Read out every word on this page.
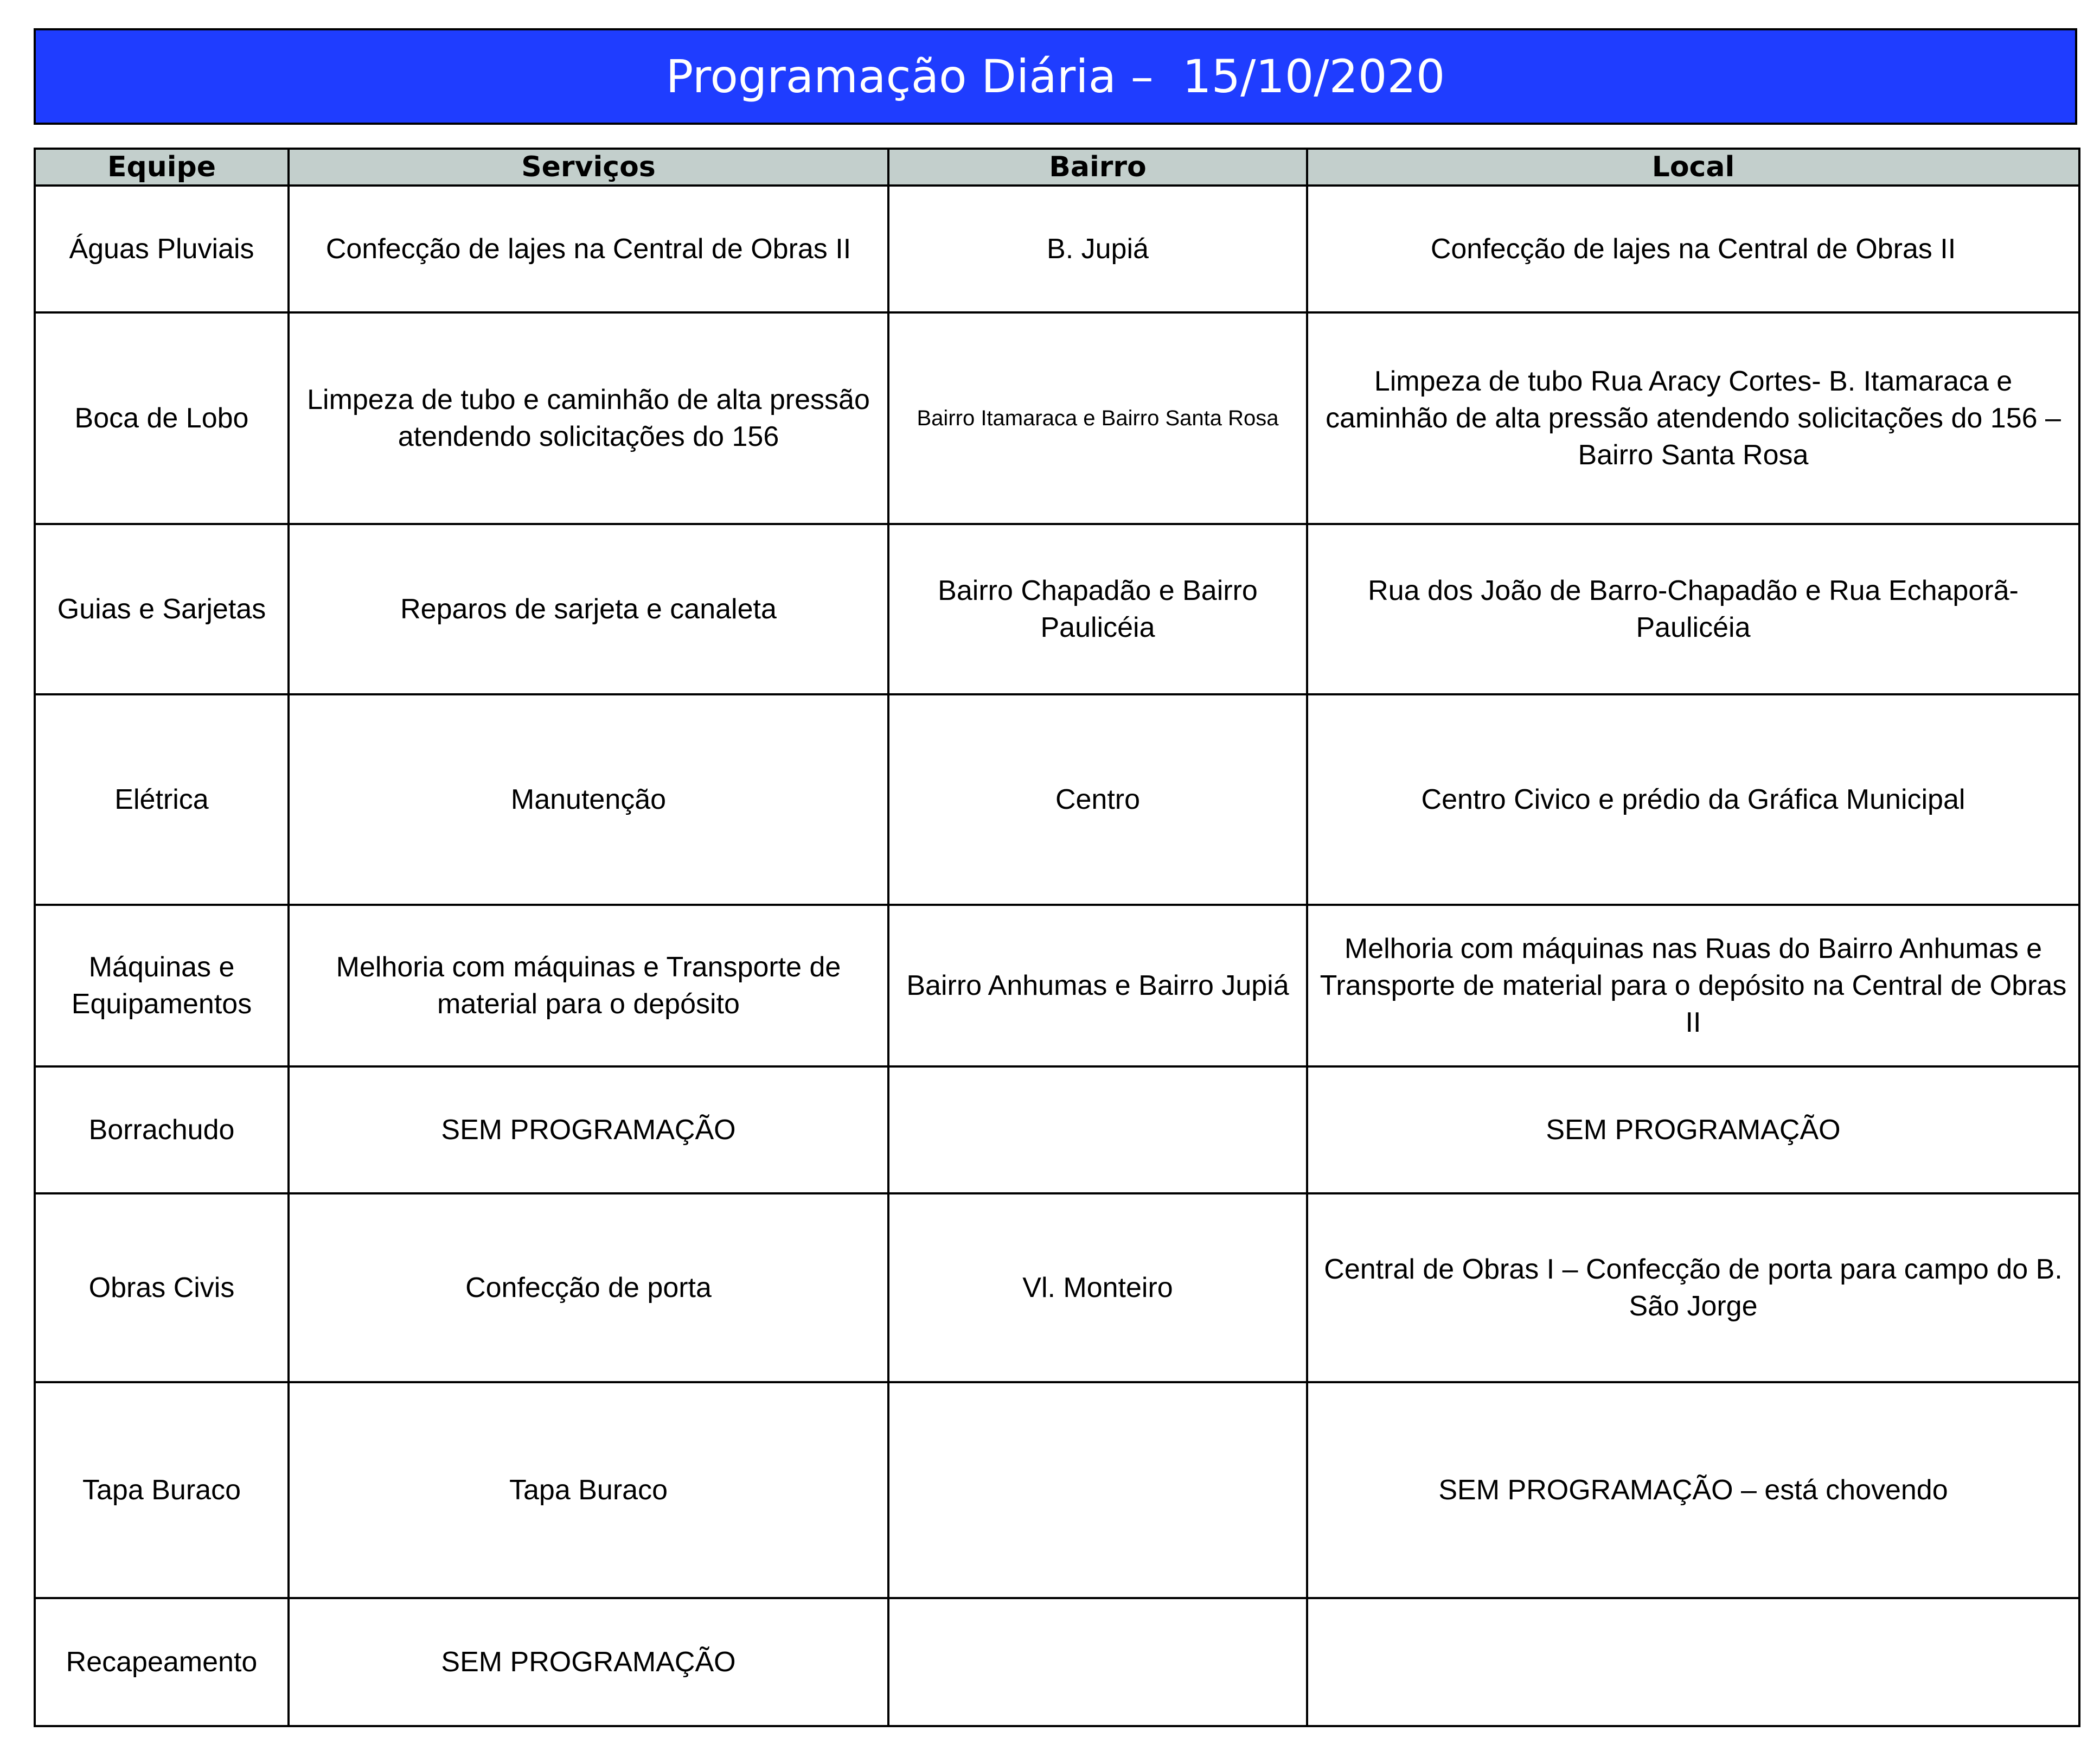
Programação Diária –  15/10/2020
Equipe	Serviços	Bairro	Local
Águas Pluviais	Confecção de lajes na Central de Obras II	B. Jupiá	Confecção de lajes na Central de Obras II
Boca de Lobo	Limpeza de tubo e caminhão de alta pressão atendendo solicitações do 156	Bairro Itamaraca e Bairro Santa Rosa	Limpeza de tubo Rua Aracy Cortes- B. Itamaraca e caminhão de alta pressão atendendo solicitações do 156 – Bairro Santa Rosa
Guias e Sarjetas	Reparos de sarjeta e canaleta	Bairro Chapadão e Bairro Paulicéia	Rua dos João de Barro-Chapadão e Rua Echaporã-Paulicéia
Elétrica	Manutenção	Centro	Centro Civico e prédio da Gráfica Municipal
Máquinas e Equipamentos	Melhoria com máquinas e Transporte de material para o depósito	Bairro Anhumas e Bairro Jupiá	Melhoria com máquinas nas Ruas do Bairro Anhumas e Transporte de material para o depósito na Central de Obras II
Borrachudo	SEM PROGRAMAÇÃO		SEM PROGRAMAÇÃO
Obras Civis	Confecção de porta	Vl. Monteiro	Central de Obras I – Confecção de porta para campo do B. São Jorge
Tapa Buraco	Tapa Buraco		SEM PROGRAMAÇÃO – está chovendo
Recapeamento	SEM PROGRAMAÇÃO		
